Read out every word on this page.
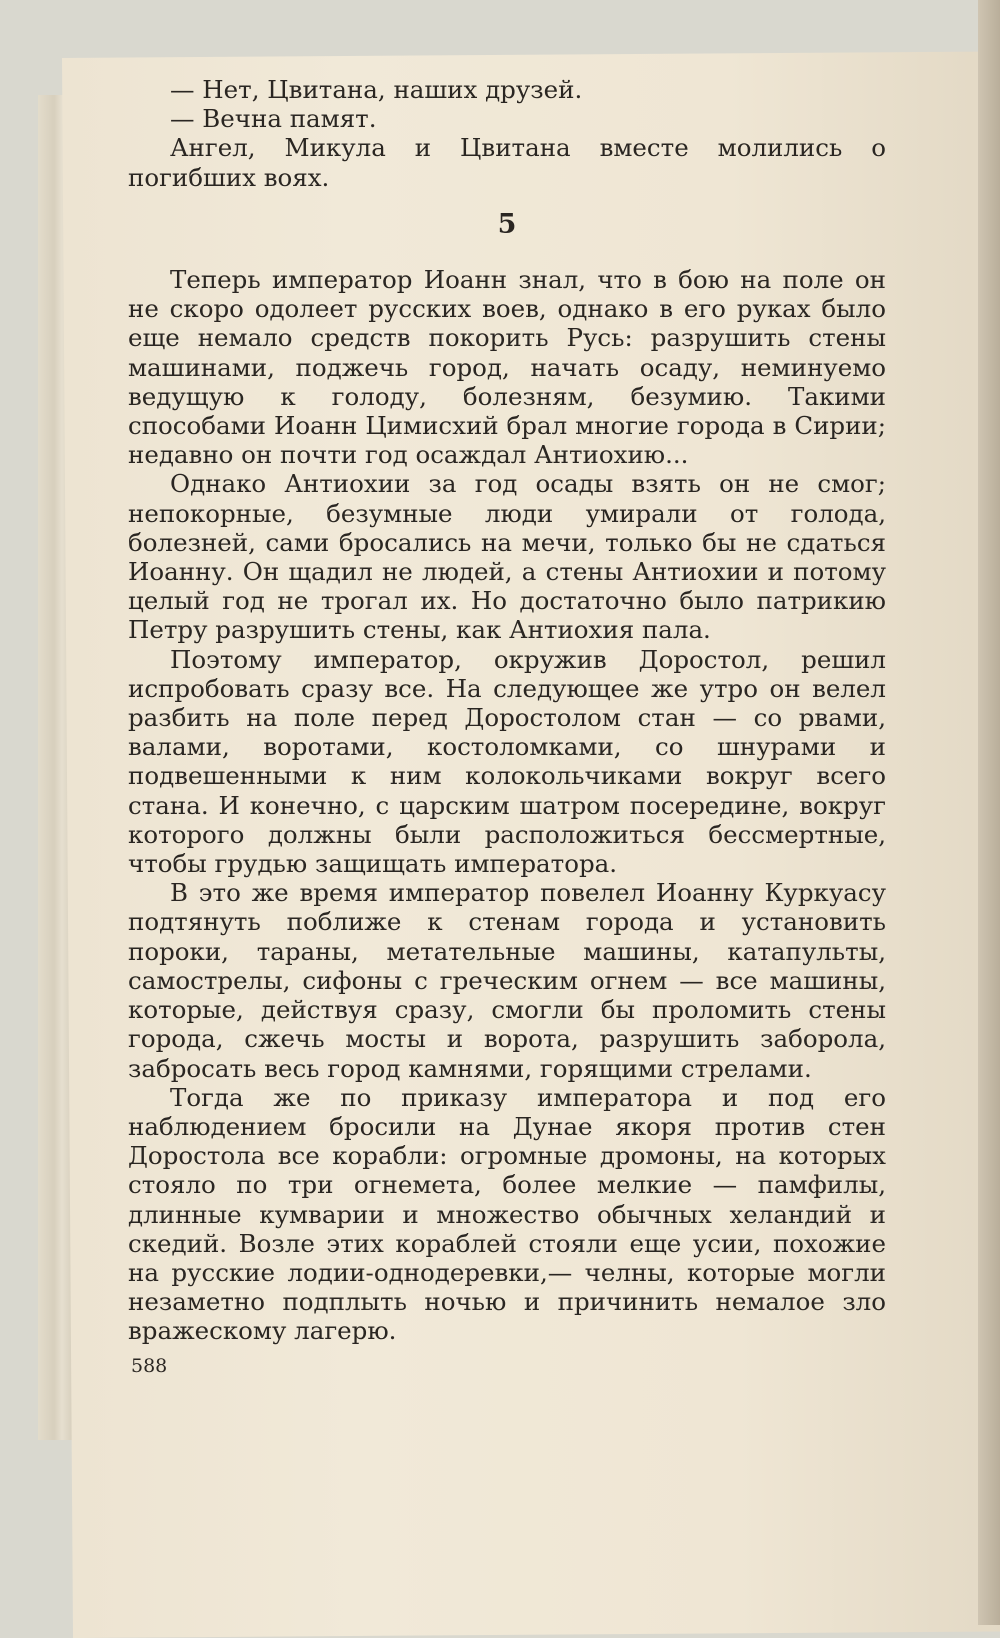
— Нет, Цвитана, наших друзей.

— Вечна памят.

Ангел, Микула и Цвитана вместе молились о погибших воях.

5

Теперь император Иоанн знал, что в бою на поле он не скоро одолеет русских воев, однако в его руках было еще немало средств покорить Русь: разрушить стены машинами, поджечь город, начать осаду, неминуемо ведущую к голоду, болезням, безумию. Такими способами Иоанн Цимисхий брал многие города в Сирии; недавно он почти год осаждал Антиохию...

Однако Антиохии за год осады взять он не смог; непокорные, безумные люди умирали от голода, болезней, сами бросались на мечи, только бы не сдаться Иоанну. Он щадил не людей, а стены Антиохии и потому целый год не трогал их. Но достаточно было патрикию Петру разрушить стены, как Антиохия пала.

Поэтому император, окружив Доростол, решил испробовать сразу все. На следующее же утро он велел разбить на поле перед Доростолом стан — со рвами, валами, воротами, костоломками, со шнурами и подвешенными к ним колокольчиками вокруг всего стана. И конечно, с царским шатром посередине, вокруг которого должны были расположиться бессмертные, чтобы грудью защищать императора.

В это же время император повелел Иоанну Куркуасу подтянуть поближе к стенам города и установить пороки, тараны, метательные машины, катапульты, самострелы, сифоны с греческим огнем — все машины, которые, действуя сразу, смогли бы проломить стены города, сжечь мосты и ворота, разрушить заборола, забросать весь город камнями, горящими стрелами.

Тогда же по приказу императора и под его наблюдением бросили на Дунае якоря против стен Доростола все корабли: огромные дромоны, на которых стояло по три огнемета, более мелкие — памфилы, длинные кумварии и множество обычных хеландий и скедий. Возле этих кораблей стояли еще усии, похожие на русские лодии-однодеревки,— челны, которые могли незаметно подплыть ночью и причинить немалое зло вражескому лагерю.

588
